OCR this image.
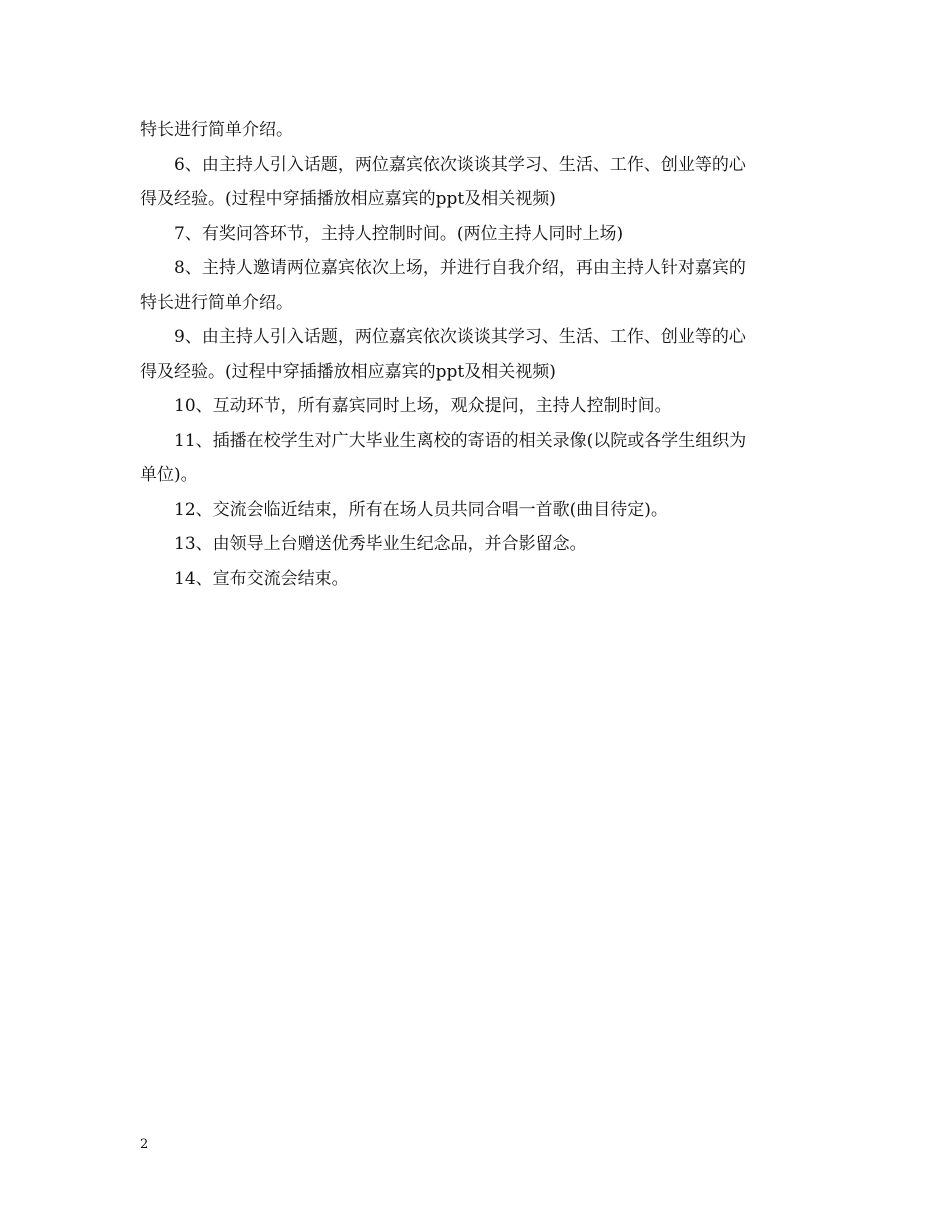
特长进行简单介绍。
6、由主持人引入话题，两位嘉宾依次谈谈其学习、生活、工作、创业等的心
得及经验。(过程中穿插播放相应嘉宾的ppt及相关视频)
7、有奖问答环节，主持人控制时间。(两位主持人同时上场)
8、主持人邀请两位嘉宾依次上场，并进行自我介绍，再由主持人针对嘉宾的
特长进行简单介绍。
9、由主持人引入话题，两位嘉宾依次谈谈其学习、生活、工作、创业等的心
得及经验。(过程中穿插播放相应嘉宾的ppt及相关视频)
10、互动环节，所有嘉宾同时上场，观众提问，主持人控制时间。
11、插播在校学生对广大毕业生离校的寄语的相关录像(以院或各学生组织为
单位)。
12、交流会临近结束，所有在场人员共同合唱一首歌(曲目待定)。
13、由领导上台赠送优秀毕业生纪念品，并合影留念。
14、宣布交流会结束。
2
